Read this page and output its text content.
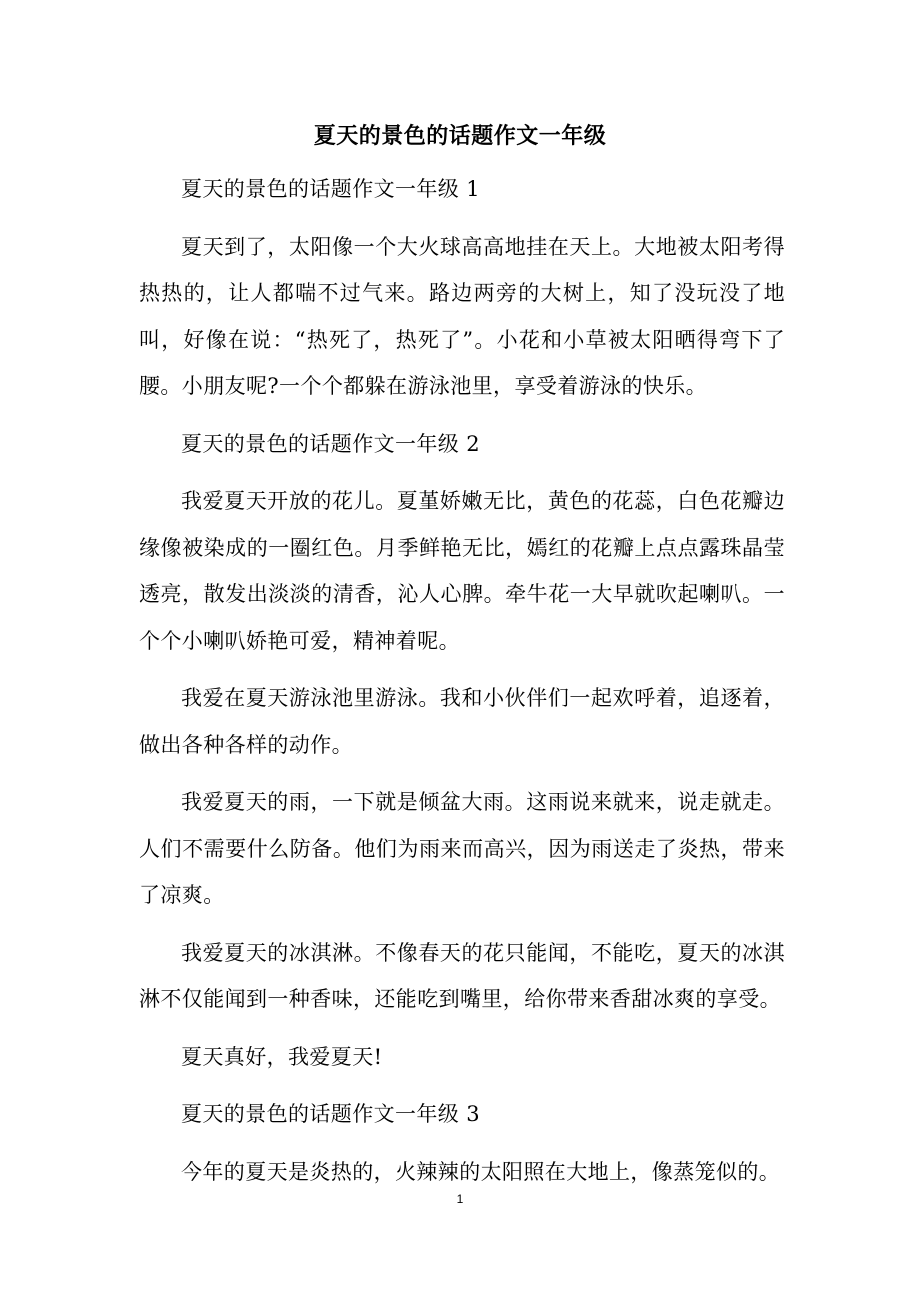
夏天的景色的话题作文一年级

夏天的景色的话题作文一年级 1

夏天到了，太阳像一个大火球高高地挂在天上。大地被太阳考得热热的，让人都喘不过气来。路边两旁的大树上，知了没玩没了地叫，好像在说：“热死了，热死了”。小花和小草被太阳晒得弯下了腰。小朋友呢?一个个都躲在游泳池里，享受着游泳的快乐。

夏天的景色的话题作文一年级 2

我爱夏天开放的花儿。夏堇娇嫩无比，黄色的花蕊，白色花瓣边缘像被染成的一圈红色。月季鲜艳无比，嫣红的花瓣上点点露珠晶莹透亮，散发出淡淡的清香，沁人心脾。牵牛花一大早就吹起喇叭。一个个小喇叭娇艳可爱，精神着呢。

我爱在夏天游泳池里游泳。我和小伙伴们一起欢呼着，追逐着，做出各种各样的动作。

我爱夏天的雨，一下就是倾盆大雨。这雨说来就来，说走就走。人们不需要什么防备。他们为雨来而高兴，因为雨送走了炎热，带来了凉爽。

我爱夏天的冰淇淋。不像春天的花只能闻，不能吃，夏天的冰淇淋不仅能闻到一种香味，还能吃到嘴里，给你带来香甜冰爽的享受。

夏天真好，我爱夏天!

夏天的景色的话题作文一年级 3

今年的夏天是炎热的，火辣辣的太阳照在大地上，像蒸笼似的。

1
